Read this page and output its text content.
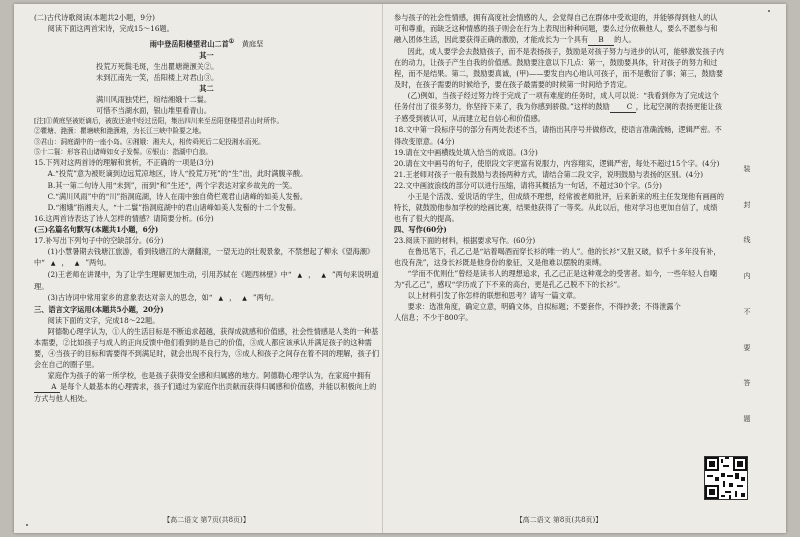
(二)古代诗歌阅读(本题共2小题，9分)

阅读下面这两首宋诗，完成15～16题。

雨中登岳阳楼望君山二首① 黄庭坚

其一

投荒万死鬓毛斑，生出瞿塘滟滪关②。

未到江南先一笑，岳阳楼上对君山③。

其二

满川风雨独凭栏，绾结湘娥十二鬟。

可惜不当湖水面，银山堆里看青山。

[注]①黄庭坚被贬谪后，被放还途中经过岳阳，集出四川来至岳阳登楼望君山时所作。

②瞿塘、滟滪：瞿塘峡和滟滪堆，为长江三峡中险要之地。

③君山：洞庭湖中的一座小岛。④湘娥：湘夫人，相传舜死后二妃投湘水而死。

⑤十二鬟：形容君山诸峰如女子发髻。⑥银山：指湖中白浪。

15.下列对这两首诗的理解和赏析，不正确的一项是(3分)

A.“投荒”意为被贬谪到边远荒凉地区，诗人“投荒万死”的“生”出，此时满腹辛酸。

B.其一第二句诗人用“未到”，而到“和”生还“，两个字表达对家乡故先的一笑。

C.“满川风雨”中的“川”指洞庭湖，诗人在雨中独自倚栏观君山诸峰的如美人发髻。

D.“湘娥”指湘夫人，“十二鬟”指洞庭湖中的君山诸峰如美人发髻的十二个发髻。

16.这两首诗表达了诗人怎样的情感？请简要分析。(6分)

(三)名篇名句默写(本题共1小题，6分)

17.补写出下列句子中的空缺部分。(6分)

(1)小慧暑期去钱塘江旅游，看到钱塘江的大潮翻滚，一望无边的壮观景象，不禁想起了柳永《望海潮》中“ ▲ ， ▲ ”两句。

(2)王老师在讲课中，为了让学生理解更加生动，引用苏轼在《题西林壁》中“ ▲ ， ▲ ”两句来说明道理。

(3)古诗词中常用家乡的意象表达对亲人的思念，如“ ▲ ， ▲ ”两句。

三、语言文字运用(本题共5小题，20分)

阅读下面的文字，完成18～22题。

阿德勒心理学认为，①人的生活目标是不断追求超越，获得成就感和价值感，社会性情感是人类的一种基本需要，②比如孩子与成人的正向反馈中他们看到的是自己的价值，③成人都应该承认并满足孩子的这种需要，④当孩子的目标和需要得不到满足时，就会出现不良行为，⑤成人和孩子之间存在着不同的理解，孩子们会在自己的圈子里。

家庭作为孩子的第一所学校，也是孩子获得安全感和归属感的地方。阿德勒心理学认为，在家庭中拥有A 是每个人最基本的心理需求，孩子们通过为家庭作出贡献而获得归属感和价值感，并能以积极向上的方式与他人相处。

【高二语文 第7页(共8页)】

参与孩子的社会性情感，拥有高度社会情感的人，会觉得自己在群体中受欢迎的，并能够得到他人的认可和尊重，而缺乏这种情感的孩子则会在行为上表现出种种问题，要么过分依赖他人，要么不愿参与和融入团体生活，因此要获得正确的激励，才能成长为一个具有 B 的人。

因此，成人要学会去鼓励孩子，而不是表扬孩子，鼓励是对孩子努力与进步的认可，能够激发孩子内在的动力，让孩子产生自我的价值感。鼓励要注意以下几点：第一，鼓励要具体，针对孩子的努力和过程，而不是结果。第二，鼓励要真诚，(甲)——要发自内心地认可孩子，而不是敷衍了事；第三，鼓励要及时，在孩子需要的时候给予，要在孩子最需要的时候第一时间给予肯定。

(乙)例如，当孩子经过努力终于完成了一项有难度的任务时，成人可以说：“我看到你为了完成这个任务付出了很多努力，你坚持下来了，我为你感到骄傲。”这样的鼓励 C ，比起空洞的表扬更能让孩子感受到被认可，从而建立起自信心和价值感。

18.文中第一段标序号的部分有两处表述不当，请指出其序号并做修改，使语言准确流畅，逻辑严密。不得改变原意。(4分)

19.请在文中画横线处填入恰当的成语。(3分)

20.请在文中画号的句子，使原段文字更富有说服力，内容翔实，逻辑严密，每处不超过15个字。(4分)

21.王老师对孩子一般有鼓励与表扬两种方式，请结合第二段文字，说明鼓励与表扬的区别。(4分)

22.文中画波浪线的部分可以进行压缩，请将其概括为一句话，不超过30个字。(5分)

小王是个活泼、爱说话的学生，但成绩不理想，经常被老师批评，后来新来的班主任发现他有画画的特长，就鼓励他参加学校的绘画比赛，结果他获得了一等奖。从此以后，他对学习也更加自信了，成绩也有了很大的提高。

四、写作(60分)

23.阅读下面的材料，根据要求写作。(60分)

在鲁迅笔下，孔乙己是“站着喝酒而穿长衫的唯一的人”。他的长衫“又脏又破，似乎十多年没有补，也没有洗”，这身长衫既是他身份的象征，又是他难以摆脱的束缚。

“学而不优则仕”曾经是读书人的理想追求，孔乙己正是这种观念的受害者。如今，一些年轻人自嘲为“孔乙己”，感叹“学历成了下不来的高台，更是孔乙己脱不下的长衫”。

以上材料引发了你怎样的联想和思考？请写一篇文章。

要求：选准角度，确定立意，明确文体，自拟标题；不要套作，不得抄袭；不得泄露个人信息；不少于800字。

【高二语文 第8页(共8页)】
装
封
线
内
不
要
答
题
